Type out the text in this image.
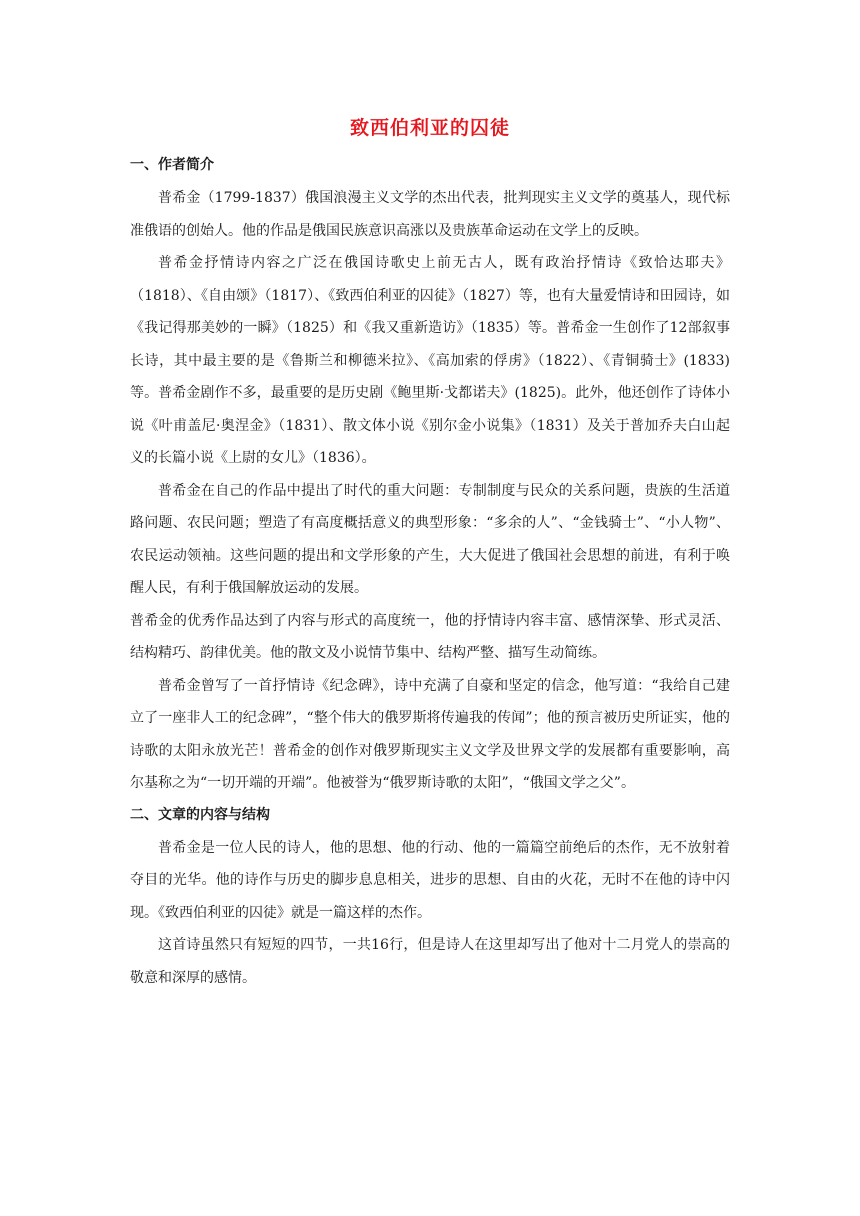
致西伯利亚的囚徒
一、作者简介

普希金（1799-1837）俄国浪漫主义文学的杰出代表，批判现实主义文学的奠基人，现代标准俄语的创始人。他的作品是俄国民族意识高涨以及贵族革命运动在文学上的反映。

普希金抒情诗内容之广泛在俄国诗歌史上前无古人，既有政治抒情诗《致恰达耶夫》（1818）、《自由颂》（1817）、《致西伯利亚的囚徒》（1827）等，也有大量爱情诗和田园诗，如《我记得那美妙的一瞬》（1825）和《我又重新造访》（1835）等。普希金一生创作了12部叙事长诗，其中最主要的是《鲁斯兰和柳德米拉》、《高加索的俘虏》（1822）、《青铜骑士》(1833)等。普希金剧作不多，最重要的是历史剧《鲍里斯·戈都诺夫》(1825)。此外，他还创作了诗体小说《叶甫盖尼·奥涅金》（1831）、散文体小说《别尔金小说集》（1831）及关于普加乔夫白山起义的长篇小说《上尉的女儿》（1836）。

普希金在自己的作品中提出了时代的重大问题：专制制度与民众的关系问题，贵族的生活道路问题、农民问题；塑造了有高度概括意义的典型形象：“多余的人”、“金钱骑士”、“小人物”、农民运动领袖。这些问题的提出和文学形象的产生，大大促进了俄国社会思想的前进，有利于唤醒人民，有利于俄国解放运动的发展。

普希金的优秀作品达到了内容与形式的高度统一，他的抒情诗内容丰富、感情深挚、形式灵活、结构精巧、韵律优美。他的散文及小说情节集中、结构严整、描写生动简练。

普希金曾写了一首抒情诗《纪念碑》，诗中充满了自豪和坚定的信念，他写道：“我给自己建立了一座非人工的纪念碑”，“整个伟大的俄罗斯将传遍我的传闻”；他的预言被历史所证实，他的诗歌的太阳永放光芒！普希金的创作对俄罗斯现实主义文学及世界文学的发展都有重要影响，高尔基称之为“一切开端的开端”。他被誉为“俄罗斯诗歌的太阳”，“俄国文学之父”。

二、文章的内容与结构

普希金是一位人民的诗人，他的思想、他的行动、他的一篇篇空前绝后的杰作，无不放射着夺目的光华。他的诗作与历史的脚步息息相关，进步的思想、自由的火花，无时不在他的诗中闪现。《致西伯利亚的囚徒》就是一篇这样的杰作。

这首诗虽然只有短短的四节，一共16行，但是诗人在这里却写出了他对十二月党人的崇高的敬意和深厚的感情。
